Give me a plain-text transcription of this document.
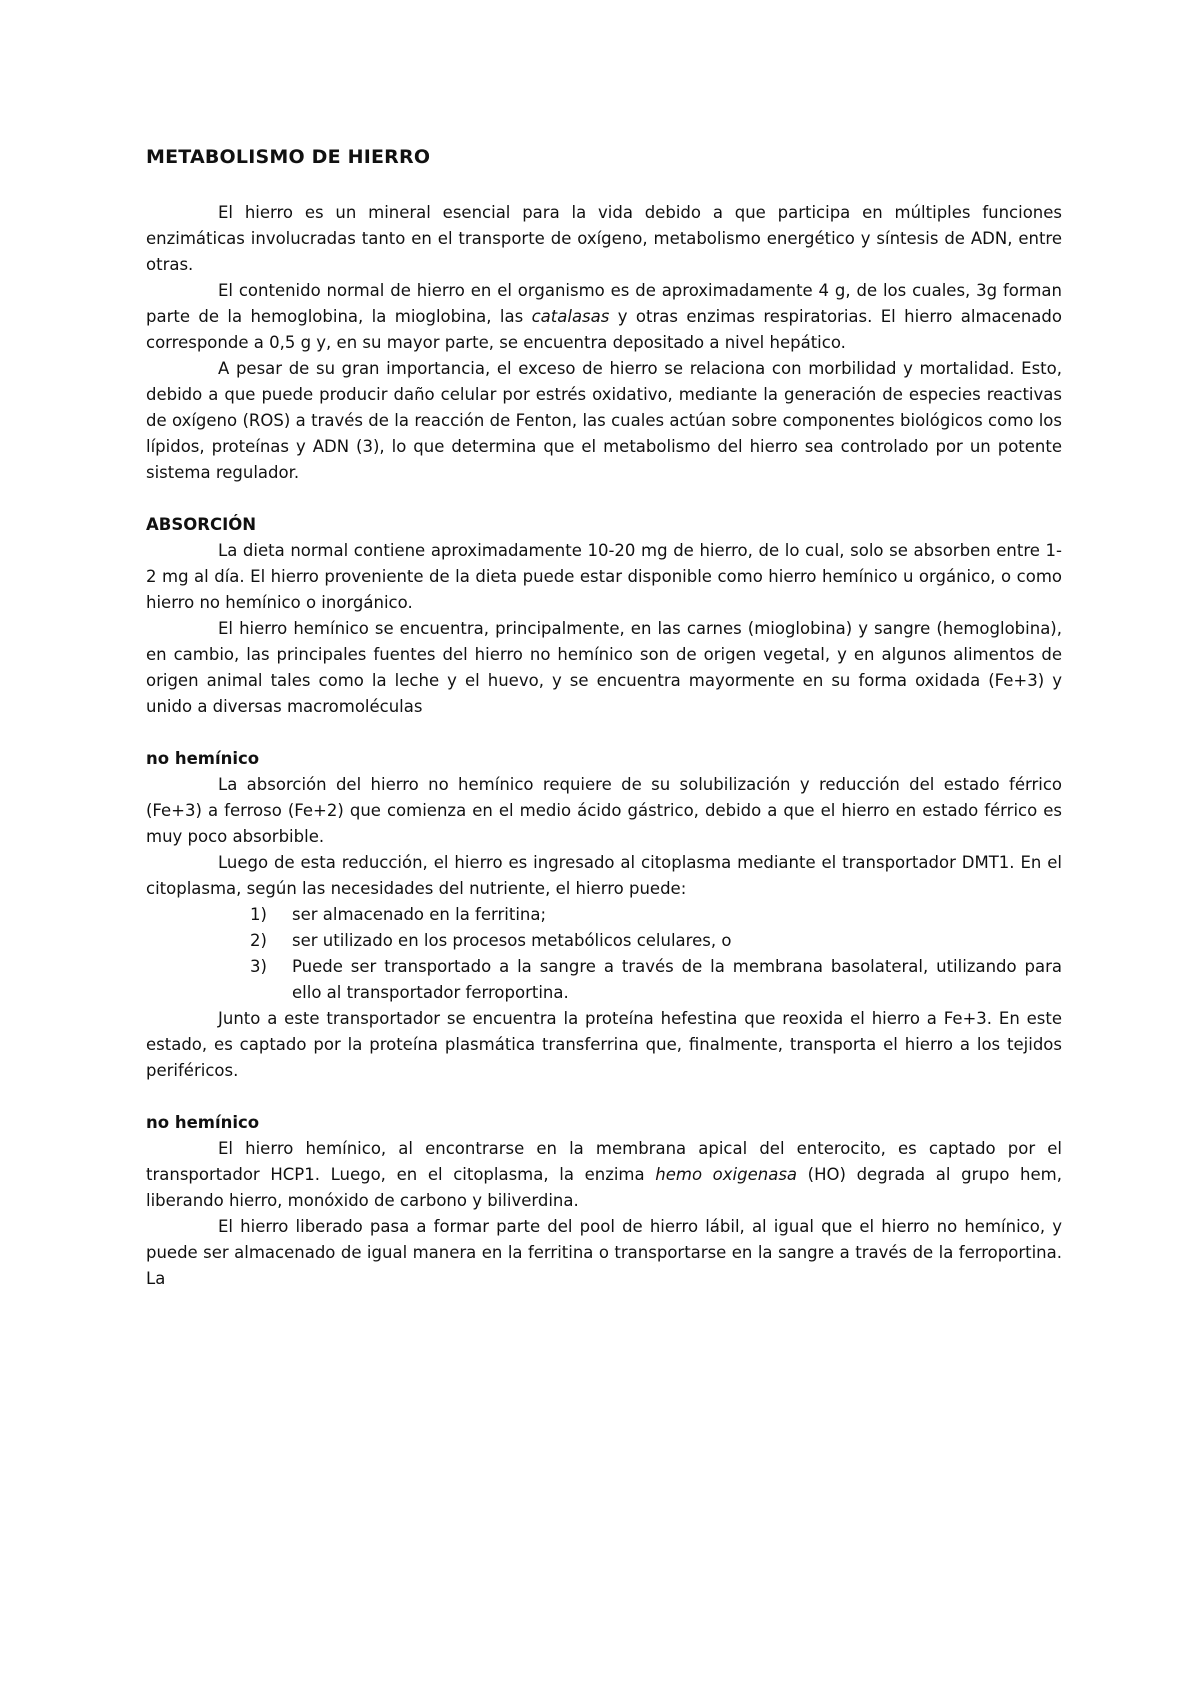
METABOLISMO DE HIERRO

El hierro es un mineral esencial para la vida debido a que participa en múltiples funciones enzimáticas involucradas tanto en el transporte de oxígeno, metabolismo energético y síntesis de ADN, entre otras.

El contenido normal de hierro en el organismo es de aproximadamente 4 g, de los cuales, 3g forman parte de la hemoglobina, la mioglobina, las catalasas y otras enzimas respiratorias. El hierro almacenado corresponde a 0,5 g y, en su mayor parte, se encuentra depositado a nivel hepático.

A pesar de su gran importancia, el exceso de hierro se relaciona con morbilidad y mortalidad. Esto, debido a que puede producir daño celular por estrés oxidativo, mediante la generación de especies reactivas de oxígeno (ROS) a través de la reacción de Fenton, las cuales actúan sobre componentes biológicos como los lípidos, proteínas y ADN (3), lo que determina que el metabolismo del hierro sea controlado por un potente sistema regulador.

ABSORCIÓN

La dieta normal contiene aproximadamente 10-20 mg de hierro, de lo cual, solo se absorben entre 1-2 mg al día. El hierro proveniente de la dieta puede estar disponible como hierro hemínico u orgánico, o como hierro no hemínico o inorgánico.

El hierro hemínico se encuentra, principalmente, en las carnes (mioglobina) y sangre (hemoglobina), en cambio, las principales fuentes del hierro no hemínico son de origen vegetal, y en algunos alimentos de origen animal tales como la leche y el huevo, y se encuentra mayormente en su forma oxidada (Fe+3) y unido a diversas macromoléculas

no hemínico

La absorción del hierro no hemínico requiere de su solubilización y reducción del estado férrico (Fe+3) a ferroso (Fe+2) que comienza en el medio ácido gástrico, debido a que el hierro en estado férrico es muy poco absorbible.

Luego de esta reducción, el hierro es ingresado al citoplasma mediante el transportador DMT1. En el citoplasma, según las necesidades del nutriente, el hierro puede:

1) ser almacenado en la ferritina;
2) ser utilizado en los procesos metabólicos celulares, o
3) Puede ser transportado a la sangre a través de la membrana basolateral, utilizando para ello al transportador ferroportina.

Junto a este transportador se encuentra la proteína hefestina que reoxida el hierro a Fe+3. En este estado, es captado por la proteína plasmática transferrina que, finalmente, transporta el hierro a los tejidos periféricos.

no hemínico

El hierro hemínico, al encontrarse en la membrana apical del enterocito, es captado por el transportador HCP1. Luego, en el citoplasma, la enzima hemo oxigenasa (HO) degrada al grupo hem, liberando hierro, monóxido de carbono y biliverdina.

El hierro liberado pasa a formar parte del pool de hierro lábil, al igual que el hierro no hemínico, y puede ser almacenado de igual manera en la ferritina o transportarse en la sangre a través de la ferroportina. La
